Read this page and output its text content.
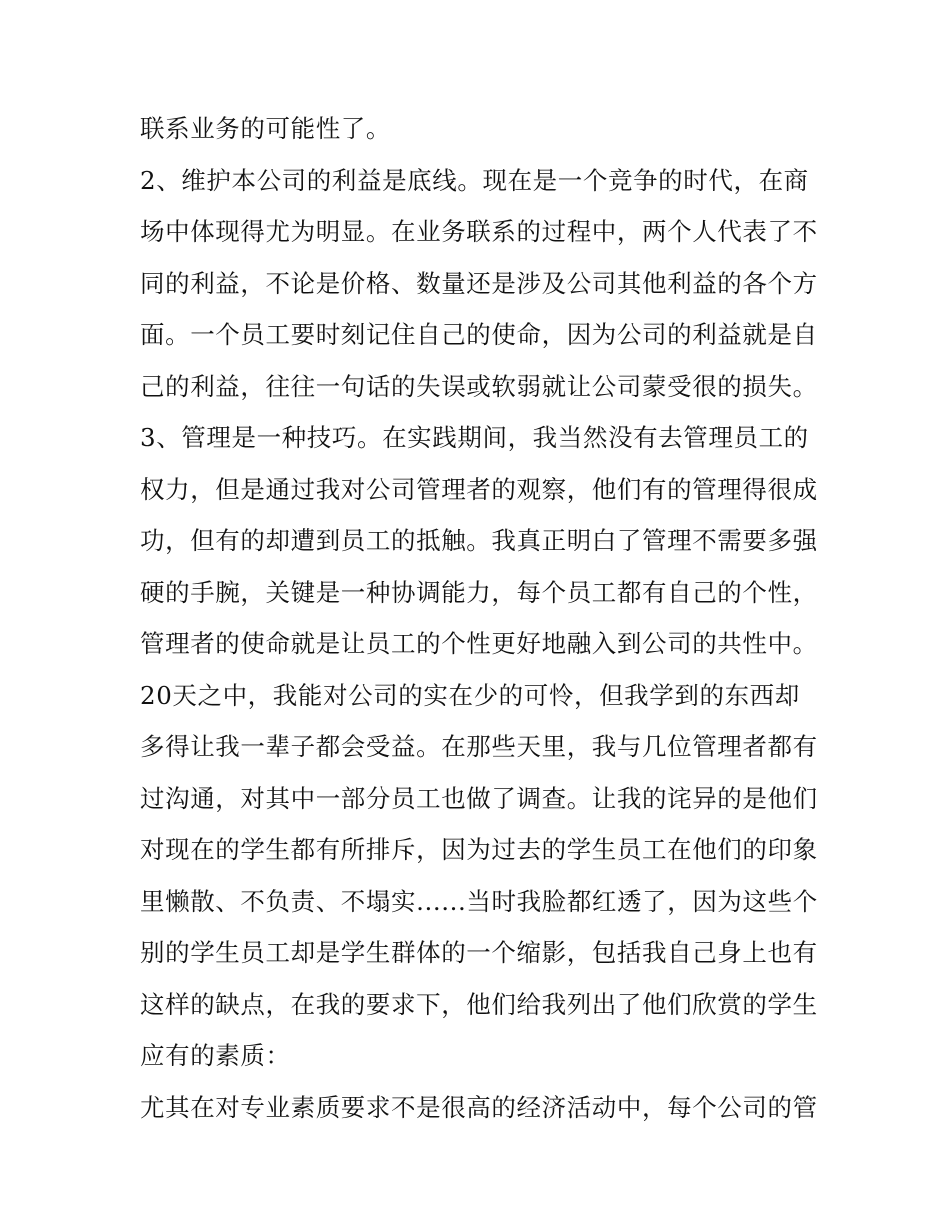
联系业务的可能性了。
2、维护本公司的利益是底线。现在是一个竞争的时代，在商
场中体现得尤为明显。在业务联系的过程中，两个人代表了不
同的利益，不论是价格、数量还是涉及公司其他利益的各个方
面。一个员工要时刻记住自己的使命，因为公司的利益就是自
己的利益，往往一句话的失误或软弱就让公司蒙受很的损失。
3、管理是一种技巧。在实践期间，我当然没有去管理员工的
权力，但是通过我对公司管理者的观察，他们有的管理得很成
功，但有的却遭到员工的抵触。我真正明白了管理不需要多强
硬的手腕，关键是一种协调能力，每个员工都有自己的个性，
管理者的使命就是让员工的个性更好地融入到公司的共性中。
20天之中，我能对公司的实在少的可怜，但我学到的东西却
多得让我一辈子都会受益。在那些天里，我与几位管理者都有
过沟通，对其中一部分员工也做了调查。让我的诧异的是他们
对现在的学生都有所排斥，因为过去的学生员工在他们的印象
里懒散、不负责、不塌实......当时我脸都红透了，因为这些个
别的学生员工却是学生群体的一个缩影，包括我自己身上也有
这样的缺点，在我的要求下，他们给我列出了他们欣赏的学生
应有的素质：
尤其在对专业素质要求不是很高的经济活动中，每个公司的管
